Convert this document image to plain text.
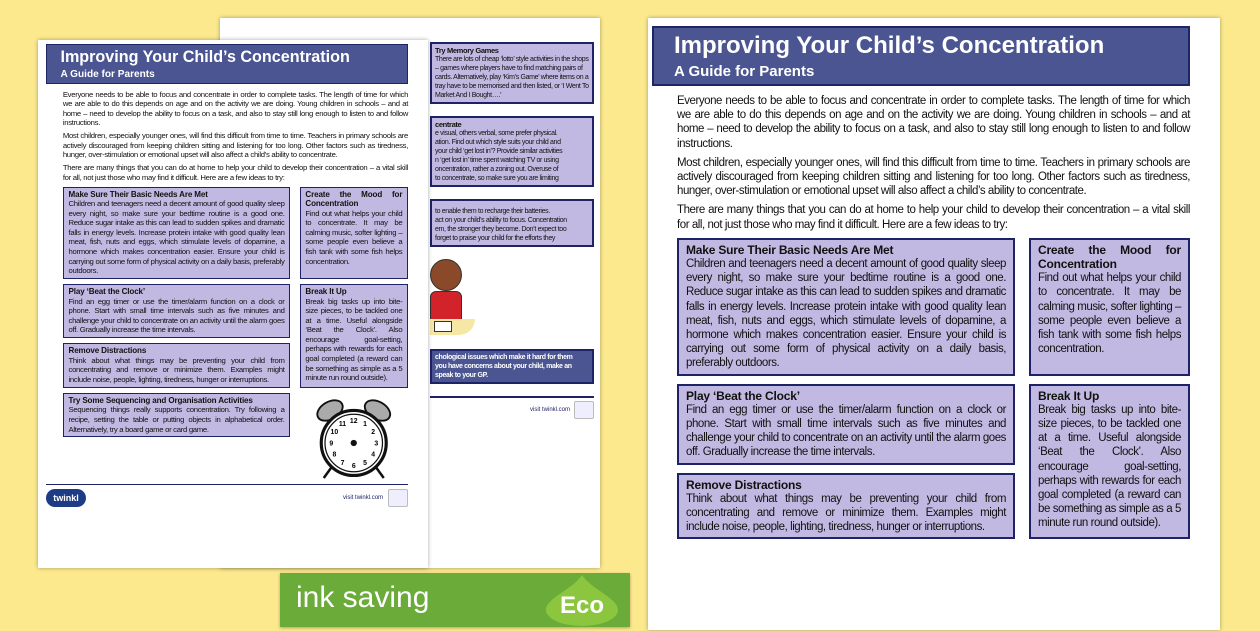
Try Memory Games
There are lots of cheap ‘lotto’ style activities in the shops – games where players have to find matching pairs of cards. Alternatively, play ‘Kim’s Game’ where items on a tray have to be memorised and then listed, or ‘I Went To Market And I Bought….’
centrate
e visual, others verbal, some prefer physical.
ation. Find out which style suits your child and
your child ‘get lost in’? Provide similar activities
n ‘get lost in’ time spent watching TV or using
oncentration, rather a zoning out. Overuse of
to concentrate, so make sure you are limiting
to enable them to recharge their batteries.
act on your child’s ability to focus. Concentration
em, the stronger they become. Don’t expect too
forget to praise your child for the efforts they
chological issues which make it hard for them
you have concerns about your child, make an
speak to your GP.
visit twinkl.com
Improving Your Child’s Concentration
A Guide for Parents

Everyone needs to be able to focus and concentrate in order to complete tasks. The length of time for which we are able to do this depends on age and on the activity we are doing. Young children in schools – and at home – need to develop the ability to focus on a task, and also to stay still long enough to listen to and follow instructions.

Most children, especially younger ones, will find this difficult from time to time. Teachers in primary schools are actively discouraged from keeping children sitting and listening for too long. Other factors such as tiredness, hunger, over-stimulation or emotional upset will also affect a child’s ability to concentrate.

There are many things that you can do at home to help your child to develop their concentration – a vital skill for all, not just those who may find it difficult. Here are a few ideas to try:

Make Sure Their Basic Needs Are Met
Children and teenagers need a decent amount of good quality sleep every night, so make sure your bedtime routine is a good one. Reduce sugar intake as this can lead to sudden spikes and dramatic falls in energy levels. Increase protein intake with good quality lean meat, fish, nuts and eggs, which stimulate levels of dopamine, a hormone which makes concentration easier. Ensure your child is carrying out some form of physical activity on a daily basis, preferably outdoors.
Create the Mood for Concentration
Find out what helps your child to concentrate. It may be calming music, softer lighting – some people even believe a fish tank with some fish helps concentration.
Play ‘Beat the Clock’
Find an egg timer or use the timer/alarm function on a clock or phone. Start with small time intervals such as five minutes and challenge your child to concentrate on an activity until the alarm goes off. Gradually increase the time intervals.
Break It Up
Break big tasks up into bite-size pieces, to be tackled one at a time. Useful alongside ‘Beat the Clock’. Also encourage goal-setting, perhaps with rewards for each goal completed (a reward can be something as simple as a 5 minute run round outside).
Remove Distractions
Think about what things may be preventing your child from concentrating and remove or minimize them. Examples might include noise, people, lighting, tiredness, hunger or interruptions.
Try Some Sequencing and Organisation Activities
Sequencing things really supports concentration. Try following a recipe, setting the table or putting objects in alphabetical order. Alternatively, try a board game or card game.
12 1
2
3
4
5
6
7
8
9
10
11
twinkl	visit twinkl.com
Improving Your Child’s Concentration
A Guide for Parents

Everyone needs to be able to focus and concentrate in order to complete tasks. The length of time for which we are able to do this depends on age and on the activity we are doing. Young children in schools – and at home – need to develop the ability to focus on a task, and also to stay still long enough to listen to and follow instructions.

Most children, especially younger ones, will find this difficult from time to time. Teachers in primary schools are actively discouraged from keeping children sitting and listening for too long. Other factors such as tiredness, hunger, over-stimulation or emotional upset will also affect a child’s ability to concentrate.

There are many things that you can do at home to help your child to develop their concentration – a vital skill for all, not just those who may find it difficult. Here are a few ideas to try:

Make Sure Their Basic Needs Are Met
Children and teenagers need a decent amount of good quality sleep every night, so make sure your bedtime routine is a good one. Reduce sugar intake as this can lead to sudden spikes and dramatic falls in energy levels. Increase protein intake with good quality lean meat, fish, nuts and eggs, which stimulate levels of dopamine, a hormone which makes concentration easier. Ensure your child is carrying out some form of physical activity on a daily basis, preferably outdoors.
Create the Mood for Concentration
Find out what helps your child to concentrate. It may be calming music, softer lighting – some people even believe a fish tank with some fish helps concentration.
Play ‘Beat the Clock’
Find an egg timer or use the timer/alarm function on a clock or phone. Start with small time intervals such as five minutes and challenge your child to concentrate on an activity until the alarm goes off. Gradually increase the time intervals.
Break It Up
Break big tasks up into bite-size pieces, to be tackled one at a time. Useful alongside ‘Beat the Clock’. Also encourage goal-setting, perhaps with rewards for each goal completed (a reward can be something as simple as a 5 minute run round outside).
Remove Distractions
Think about what things may be preventing your child from concentrating and remove or minimize them. Examples might include noise, people, lighting, tiredness, hunger or interruptions.
ink saving	Eco
